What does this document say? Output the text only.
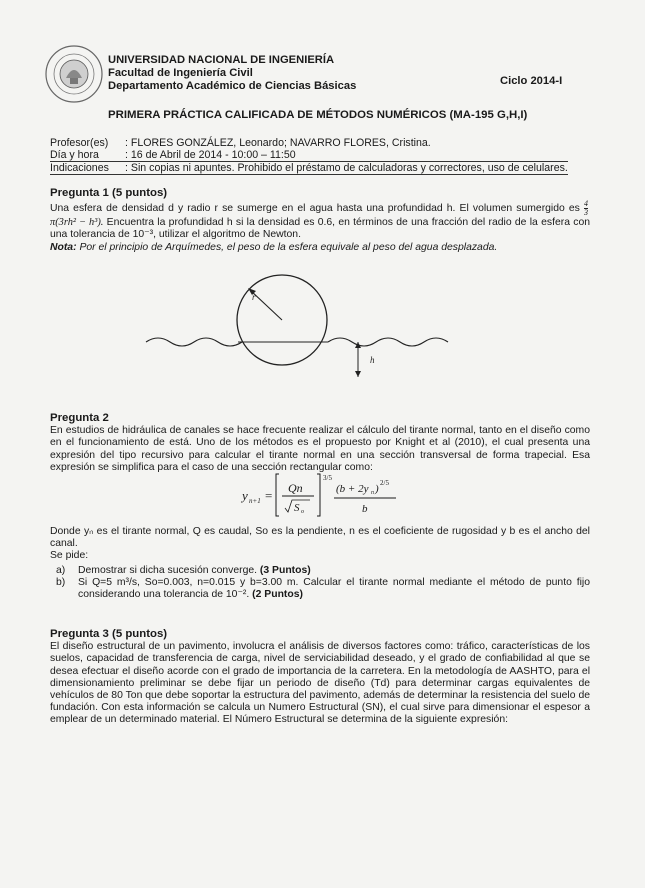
UNIVERSIDAD NACIONAL DE INGENIERÍA
Facultad de Ingeniería Civil
Departamento Académico de Ciencias Básicas	Ciclo 2014-I
PRIMERA PRÁCTICA CALIFICADA DE MÉTODOS NUMÉRICOS (MA-195 G,H,I)
Profesor(es)	: FLORES GONZÁLEZ, Leonardo; NAVARRO FLORES, Cristina.
Día y hora	: 16 de Abril de 2014 - 10:00 – 11:50
Indicaciones	: Sin copias ni apuntes. Prohibido el préstamo de calculadoras y correctores, uso de celulares.
Pregunta 1 (5 puntos)
Una esfera de densidad d y radio r se sumerge en el agua hasta una profundidad h. El volumen sumergido es $\frac{4}{3}$
π(3rh² − h³). Encuentra la profundidad h si la densidad es 0.6, en términos de una fracción del radio de la esfera con una tolerancia de 10⁻³, utilizar el algoritmo de Newton.
Nota: Por el principio de Arquímedes, el peso de la esfera equivale al peso del agua desplazada.
r
h
Pregunta 2
En estudios de hidráulica de canales se hace frecuente realizar el cálculo del tirante normal, tanto en el diseño como en el funcionamiento de está. Uno de los métodos es el propuesto por Knight et al (2010), el cual presenta una expresión del tipo recursivo para calcular el tirante normal en una sección transversal de forma trapecial. Esa expresión se simplifica para el caso de una sección rectangular como:
y n+1 = Qn
S o
3/5
(b + 2y n ) 2/5
b
Donde yₙ es el tirante normal, Q es caudal, So es la pendiente, n es el coeficiente de rugosidad y b es el ancho del canal.
Se pide:
a)	Demostrar si dicha sucesión converge. (3 Puntos)
b)	Si Q=5 m³/s, So=0.003, n=0.015 y b=3.00 m. Calcular el tirante normal mediante el método de punto fijo considerando una tolerancia de 10⁻². (2 Puntos)
Pregunta 3 (5 puntos)
El diseño estructural de un pavimento, involucra el análisis de diversos factores como: tráfico, características de los suelos, capacidad de transferencia de carga, nivel de serviciabilidad deseado, y el grado de confiabilidad al que se desea efectuar el diseño acorde con el grado de importancia de la carretera. En la metodología de AASHTO, para el dimensionamiento preliminar se debe fijar un periodo de diseño (Td) para determinar cargas equivalentes de vehículos de 80 Ton que debe soportar la estructura del pavimento, además de determinar la resistencia del suelo de fundación. Con esta información se calcula un Numero Estructural (SN), el cual sirve para dimensionar el espesor a emplear de un determinado material. El Número Estructural se determina de la siguiente expresión:
